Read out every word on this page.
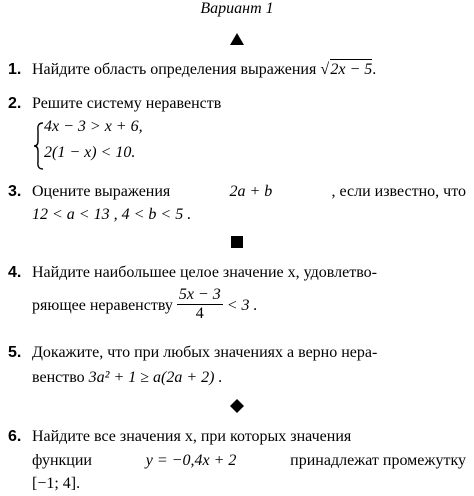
Вариант 1
1. Найдите область определения выражения √ 2x − 5.
2. Решите систему неравенств
4x − 3 > x + 6,
2(1 − x) < 10.
3. Оцените выражения	2a + b	, если известно, что
12 < a < 13 , 4 < b < 5 .
4. Найдите наибольшее целое значение x, удовлетво-
ряющее неравенству $\frac{5x - 3}{4} < 3$ .
5. Докажите, что при любых значениях a верно нера-
венство 3a² + 1 ≥ a(2a + 2) .
6. Найдите все значения x, при которых значения
функции	y = −0,4x + 2	принадлежат промежутку
[−1; 4].
